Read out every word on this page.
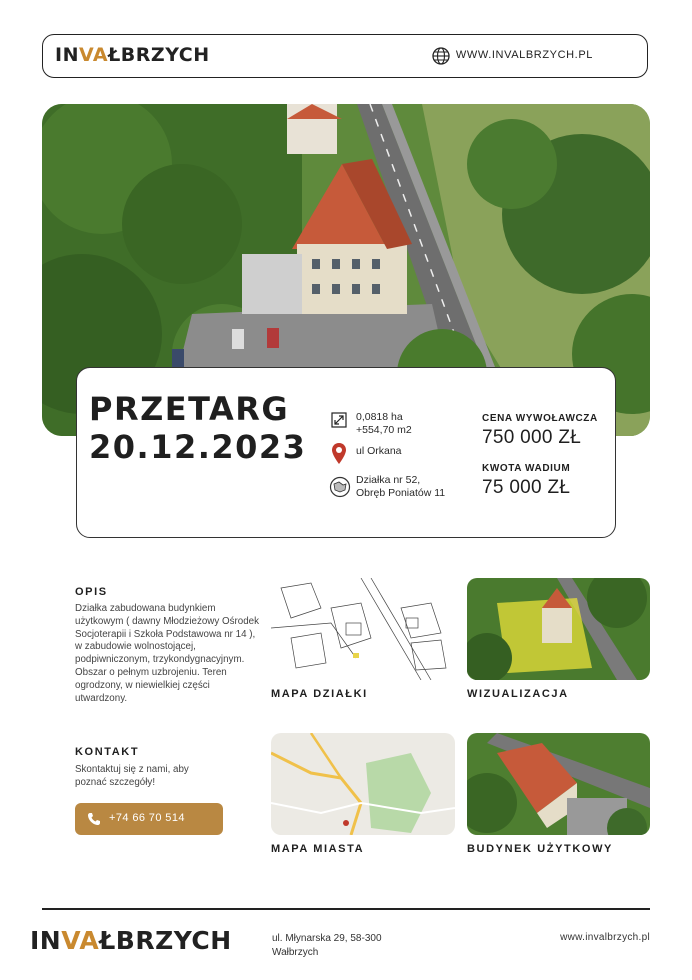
INVAŁBRZYCH	WWW.INVALBRZYCH.PL
PRZETARG
20.12.2023
0,0818 ha
+554,70 m2
ul Orkana
Działka nr 52,
Obręb Poniatów 11
CENA WYWOŁAWCZA
750 000 ZŁ
KWOTA WADIUM
75 000 ZŁ
OPIS
Działka zabudowana budynkiem użytkowym ( dawny Młodzieżowy Ośrodek Socjoterapii i Szkoła Podstawowa nr 14 ), w zabudowie wolnostojącej, podpiwniczonym, trzykondygnacyjnym. Obszar o pełnym uzbrojeniu. Teren ogrodzony, w niewielkiej części utwardzony.
KONTAKT
Skontaktuj się z nami, aby poznać szczegóły!
+74 66 70 514
MAPA DZIAŁKI	WIZUALIZACJA
MAPA MIASTA	BUDYNEK UŻYTKOWY
INVAŁBRZYCH	ul. Młynarska 29, 58-300
Wałbrzych
www.invalbrzych.pl
